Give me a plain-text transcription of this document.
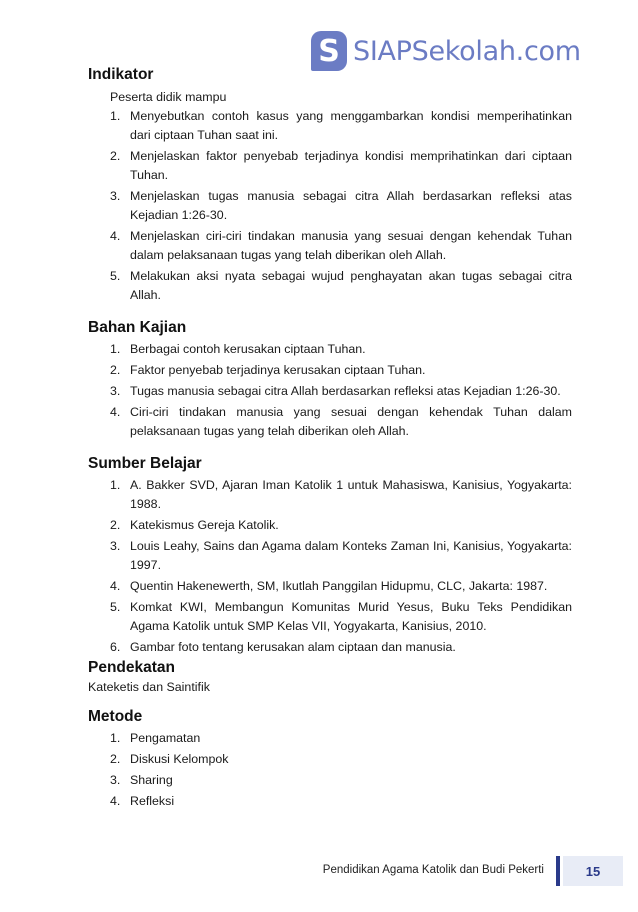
S SIAPSekolah.com
Indikator
Peserta didik mampu
1. Menyebutkan contoh kasus yang menggambarkan kondisi memperihatinkan dari ciptaan Tuhan saat ini.
2. Menjelaskan faktor penyebab terjadinya kondisi memprihatinkan dari ciptaan Tuhan.
3. Menjelaskan tugas manusia sebagai citra Allah berdasarkan refleksi atas Kejadian 1:26-30.
4. Menjelaskan ciri-ciri tindakan manusia yang sesuai dengan kehendak Tuhan dalam pelaksanaan tugas yang telah diberikan oleh Allah.
5. Melakukan aksi nyata sebagai wujud penghayatan akan tugas sebagai citra Allah.
Bahan Kajian
1. Berbagai contoh kerusakan ciptaan Tuhan.
2. Faktor penyebab terjadinya kerusakan ciptaan Tuhan.
3. Tugas manusia sebagai citra Allah berdasarkan refleksi atas Kejadian 1:26-30.
4. Ciri-ciri tindakan manusia yang sesuai dengan kehendak Tuhan dalam pelaksanaan tugas yang telah diberikan oleh Allah.
Sumber Belajar
1. A. Bakker SVD, Ajaran Iman Katolik 1 untuk Mahasiswa, Kanisius, Yogyakarta: 1988.
2. Katekismus Gereja Katolik.
3. Louis Leahy, Sains dan Agama dalam Konteks Zaman Ini, Kanisius, Yogyakarta: 1997.
4. Quentin Hakenewerth, SM, Ikutlah Panggilan Hidupmu, CLC, Jakarta: 1987.
5. Komkat KWI, Membangun Komunitas Murid Yesus, Buku Teks Pendidikan Agama Katolik untuk SMP Kelas VII, Yogyakarta, Kanisius, 2010.
6. Gambar foto tentang kerusakan alam ciptaan dan manusia.
Pendekatan
Kateketis dan Saintifik
Metode
1. Pengamatan
2. Diskusi Kelompok
3. Sharing
4. Refleksi
Pendidikan Agama Katolik dan Budi Pekerti	15
